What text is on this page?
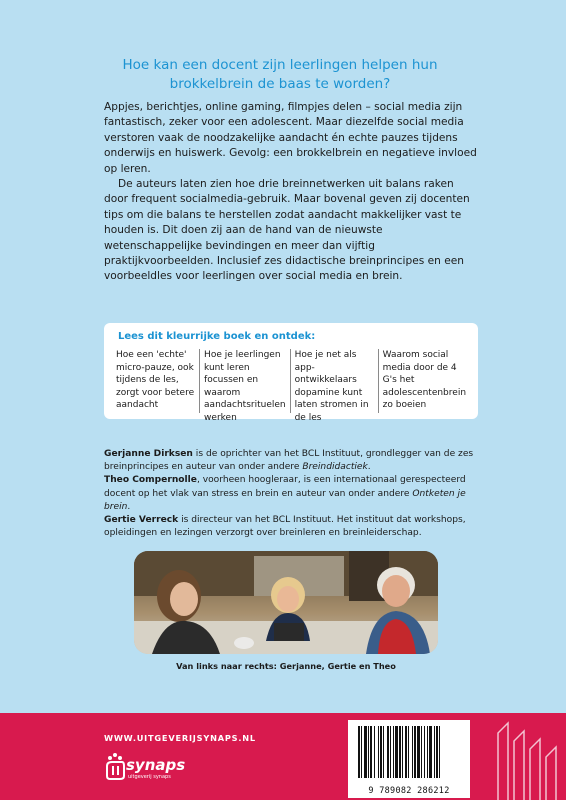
Hoe kan een docent zijn leerlingen helpen hun brokkelbrein de baas te worden?

Appjes, berichtjes, online gaming, filmpjes delen – social media zijn fantastisch, zeker voor een adolescent. Maar diezelfde social media verstoren vaak de noodzakelijke aandacht én echte pauzes tijdens onderwijs en huiswerk. Gevolg: een brokkelbrein en negatieve invloed op leren.

De auteurs laten zien hoe drie breinnetwerken uit balans raken door frequent socialmedia-gebruik. Maar bovenal geven zij docenten tips om die balans te herstellen zodat aandacht makkelijker vast te houden is. Dit doen zij aan de hand van de nieuwste wetenschappelijke bevindingen en meer dan vijftig praktijkvoorbeelden. Inclusief zes didactische breinprincipes en een voorbeeldles voor leerlingen over social media en brein.

Lees dit kleurrijke boek en ontdek:
Hoe een 'echte' micro-pauze, ook tijdens de les, zorgt voor betere aandacht
Hoe je leerlingen kunt leren focussen en waarom aandachtsrituelen werken
Hoe je net als app-ontwikkelaars dopamine kunt laten stromen in de les
Waarom social media door de 4 G's het adolescentenbrein zo boeien

Gerjanne Dirksen is de oprichter van het BCL Instituut, grondlegger van de zes breinprincipes en auteur van onder andere Breindidactiek.

Theo Compernolle, voorheen hoogleraar, is een internationaal gerespecteerd docent op het vlak van stress en brein en auteur van onder andere Ontketen je brein.

Gertie Verreck is directeur van het BCL Instituut. Het instituut dat workshops, opleidingen en lezingen verzorgt over breinleren en breinleiderschap.

Van links naar rechts: Gerjanne, Gertie en Theo
WWW.UITGEVERIJSYNAPS.NL
synaps
uitgeverij synaps
9 789082 286212
